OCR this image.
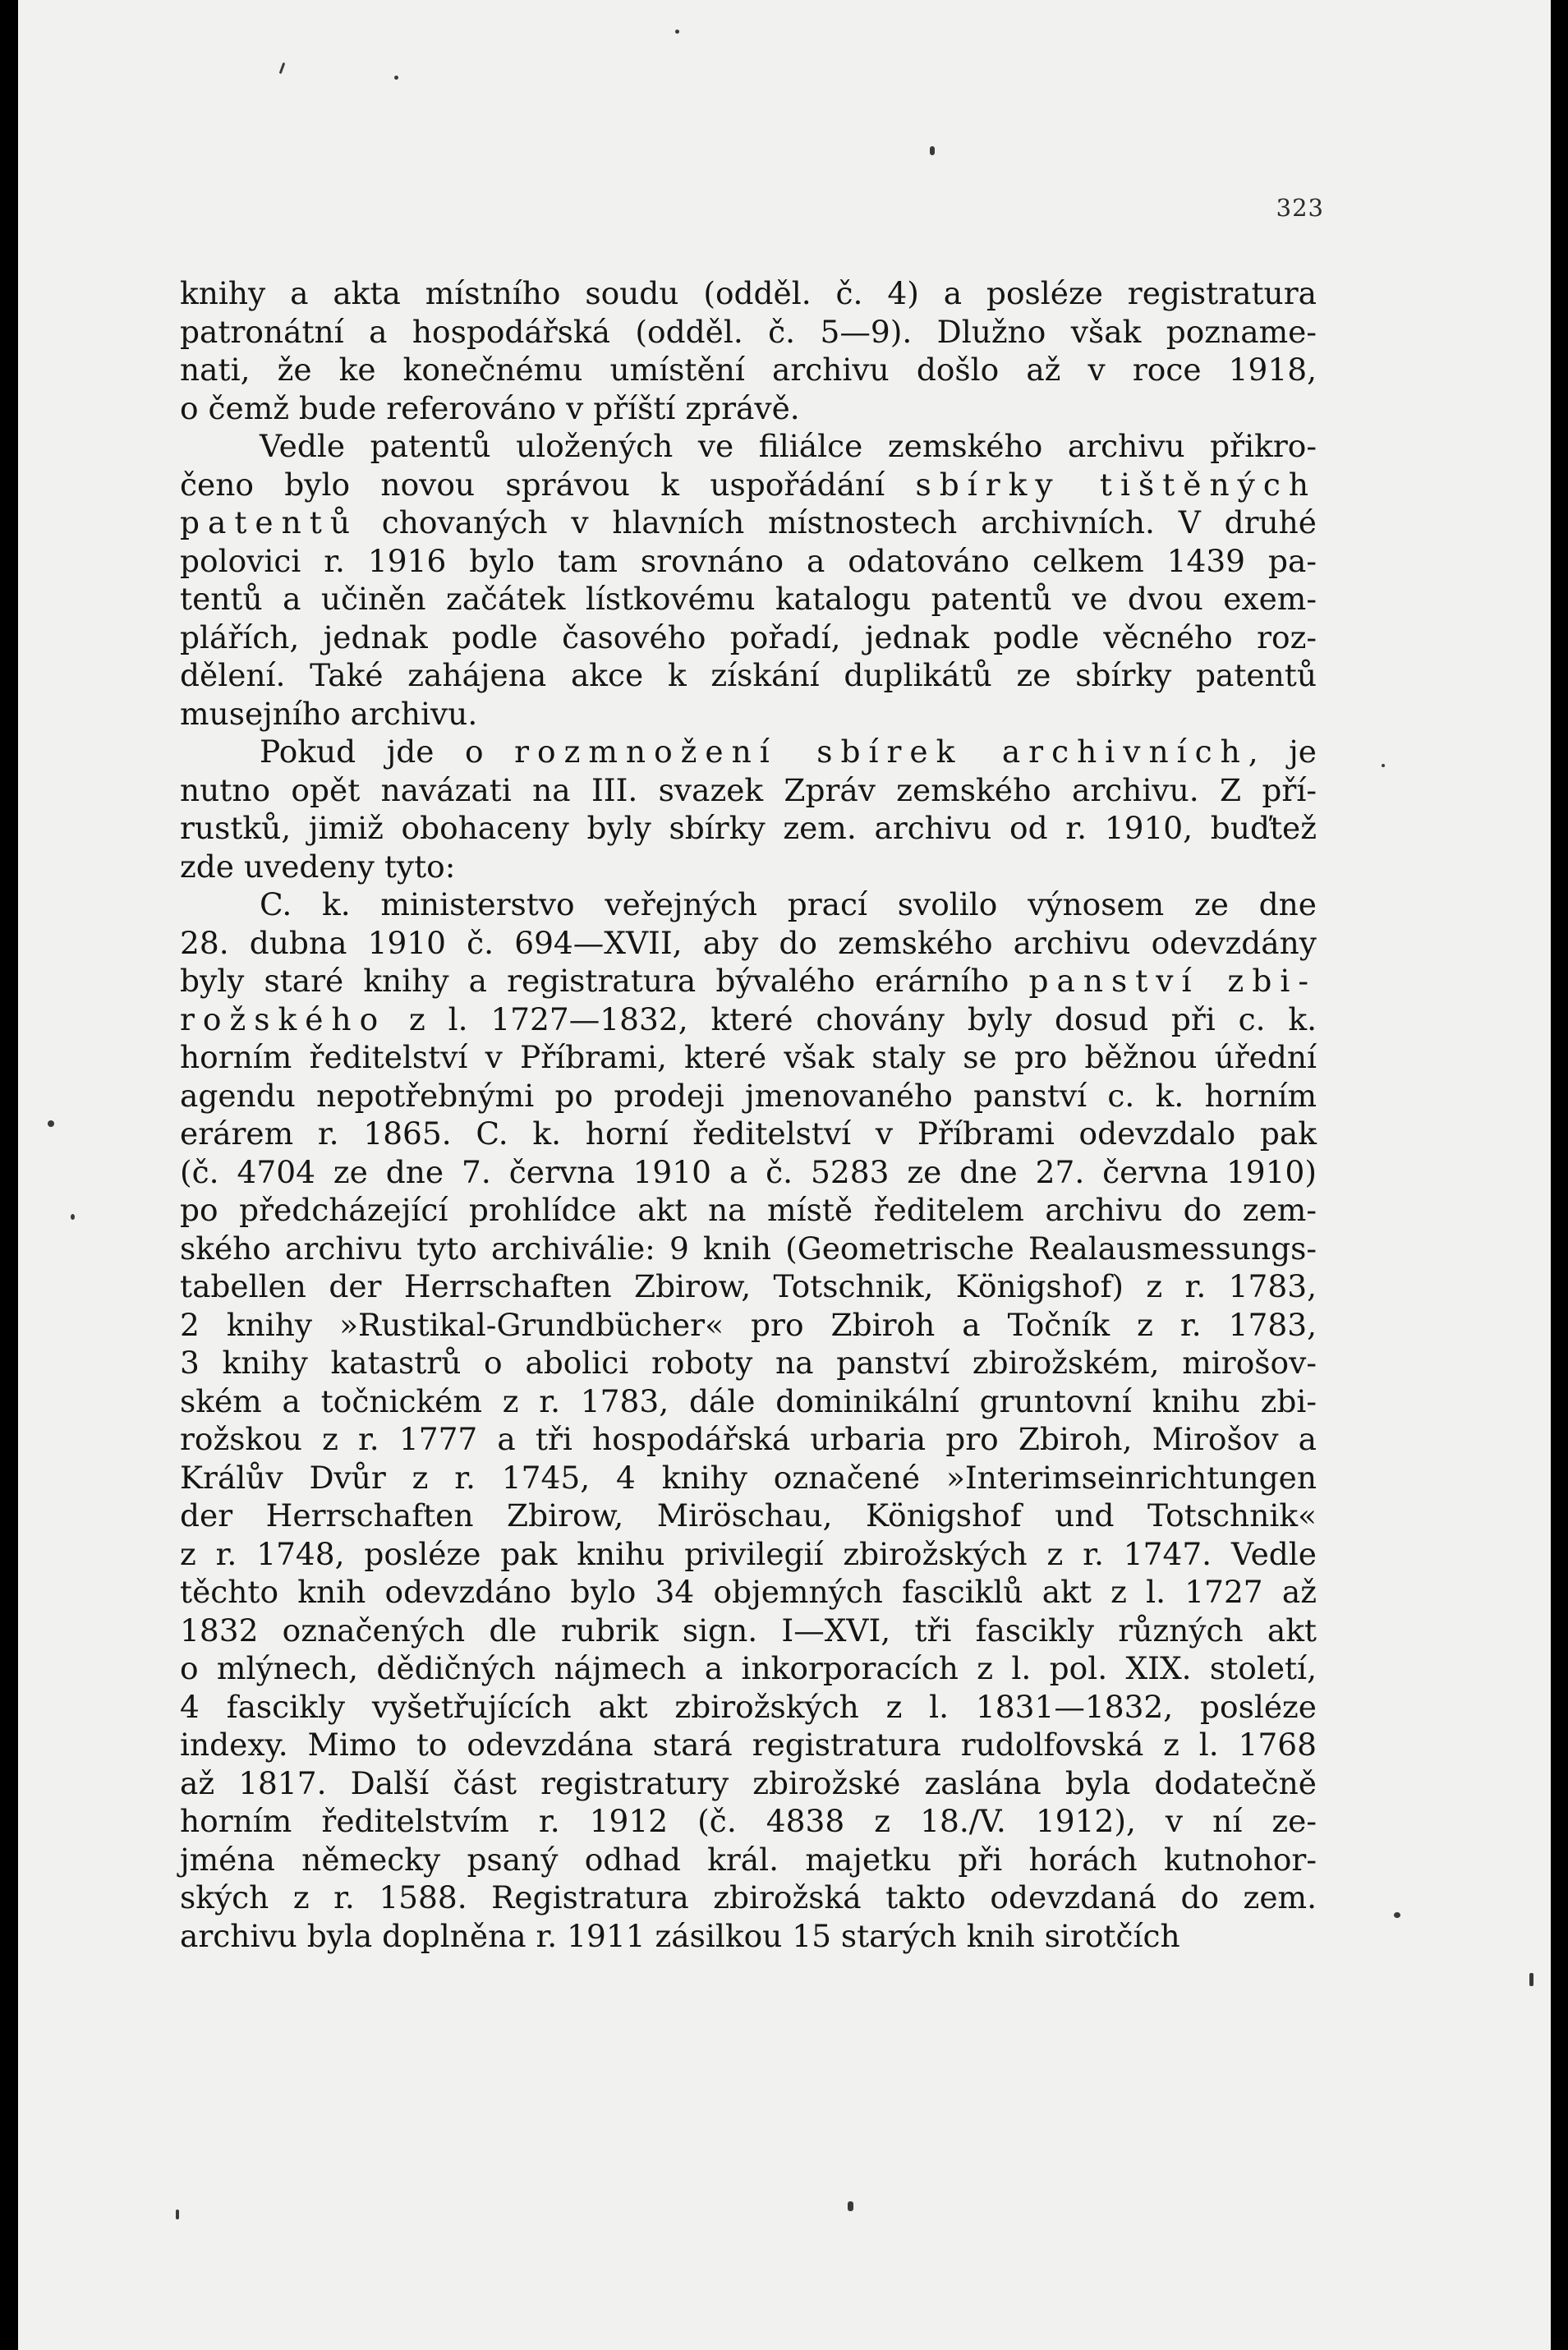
323
knihy a akta místního soudu (odděl. č. 4) a posléze registratura
patronátní a hospodářská (odděl. č. 5—9). Dlužno však poznamе-
nati, že ke konečnému umístění archivu došlo až v roce 1918,
o čemž bude referováno v příští zprávě.
Vedle patentů uložených ve filiálce zemského archivu přikro-
čeno bylo novou správou k uspořádání sbírky tištěných
patentů chovaných v hlavních místnostech archivních. V druhé
polovici r. 1916 bylo tam srovnáno a odatováno celkem 1439 pa-
tentů a učiněn začátek lístkovému katalogu patentů ve dvou exem-
plářích, jednak podle časového pořadí, jednak podle věcného roz-
dělení. Také zahájena akce k získání duplikátů ze sbírky patentů
musejního archivu.
Pokud jde o rozmnožení sbírek archivních, je
nutno opět navázati na III. svazek Zpráv zemského archivu. Z pří-
rustků, jimiž obohaceny byly sbírky zem. archivu od r. 1910, buďtež
zde uvedeny tyto:
C. k. ministerstvo veřejných prací svolilo výnosem ze dne
28. dubna 1910 č. 694—XVII, aby do zemského archivu odevzdány
byly staré knihy a registratura bývalého erárního panství zbi-
rožského z l. 1727—1832, které chovány byly dosud při c. k.
horním ředitelství v Příbrami, které však staly se pro běžnou úřední
agendu nepotřebnými po prodeji jmenovaného panství c. k. horním
erárem r. 1865. C. k. horní ředitelství v Příbrami odevzdalo pak
(č. 4704 ze dne 7. června 1910 a č. 5283 ze dne 27. června 1910)
po předcházející prohlídce akt na místě ředitelem archivu do zem-
ského archivu tyto archiválie: 9 knih (Geometrische Realausmessungs-
tabellen der Herrschaften Zbirow, Totschnik, Königshof) z r. 1783,
2 knihy »Rustikal-Grundbücher« pro Zbiroh a Točník z r. 1783,
3 knihy katastrů o abolici roboty na panství zbirožském, mirošov-
ském a točnickém z r. 1783, dále dominikální gruntovní knihu zbi-
rožskou z r. 1777 a tři hospodářská urbaria pro Zbiroh, Mirošov a
Králův Dvůr z r. 1745, 4 knihy označené »Interimseinrichtungen
der Herrschaften Zbirow, Miröschau, Königshof und Totschnik«
z r. 1748, posléze pak knihu privilegií zbirožských z r. 1747. Vedle
těchto knih odevzdáno bylo 34 objemných fasciklů akt z l. 1727 až
1832 označených dle rubrik sign. I—XVI, tři fascikly různých akt
o mlýnech, dědičných nájmech a inkorporacích z l. pol. XIX. století,
4 fascikly vyšetřujících akt zbirožských z l. 1831—1832, posléze
indexy. Mimo to odevzdána stará registratura rudolfovská z l. 1768
až 1817. Další část registratury zbirožské zaslána byla dodatečně
horním ředitelstvím r. 1912 (č. 4838 z 18./V. 1912), v ní ze-
jména německy psaný odhad král. majetku při horách kutnohor-
ských z r. 1588. Registratura zbirožská takto odevzdaná do zem.
archivu byla doplněna r. 1911 zásilkou 15 starých knih sirotčích
